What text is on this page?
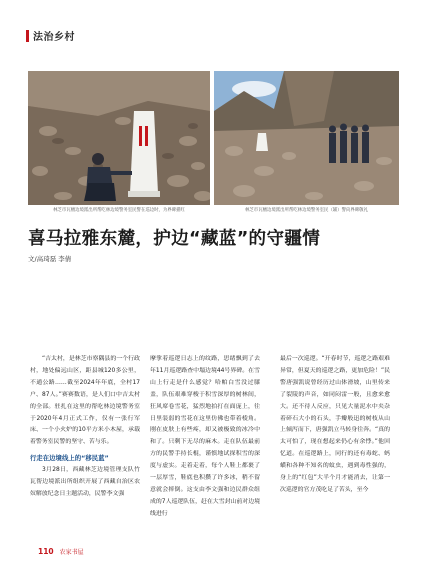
法治乡村
林芝市瓦檀边境派出所帮吃林边境警务室民警在巡边时，为界碑描红	林芝市瓦檀边境派出所帮吃林边境警务室民（辅）警向界碑敬礼
喜马拉雅东麓，护边“藏蓝”的守疆情
文/高琦磊 李倩

“吉太村，是林芝市察隅县的一个行政村，地处偏远山区，距县城120多公里，不通公路……截至2024年年底，全村17户、87人。”赛赛数语，是人们口中吉太村的全部。驻扎在这里的帮吃林边境警务室于2020年4月正式工作，仅有一张行军床、一个小火炉的10平方米小木屋，承载着警务室民警的坚守、苦与乐。

行走在边境线上的“移民蓝”

3月28日，西藏林芝边境管理支队竹瓦帮边境派出所组织开展了西藏自治区农奴解放纪念日主题活动，民警李文强

摩挲着巡逻日志上的纹路，思绪飘到了去年11月巡逻路查中塌边境44号界碑。在雪山上行走是什么感觉？哈帕白雪没过膝盖，队伍艰难穿梭于积雪深厚的树林间，狂风席卷雪花，猛烈地拍打在面庞上，往日里装弱的雪花在这里仿佛也带着棱角。刚在皮肤上有些疼，却又被极致的冰冷中和了。只剩下无尽的麻木。走在队伍最前方的民警手持长棍，谨慎地试探积雪的深度与虚实。走着走着，每个人鞋上都裹了一层厚雪，鞋底也积攒了许多冰，稍不留意就会摔倒。这支由李文强和边民群众组成的7人巡逻队伍，赶在大雪封山前对边境线进行

最后一次巡逻。“开春时节，巡逻之路艰难异常，但夏天的巡逻之路，更加危险！”民警唐强凯说曾经历过山体滑坡，山里传来了裂陵的声音，如同闷雷一般，且愈来愈大。还不待人反应，只见大量泥水中夹杂着碎石大小的石头，手瓣般迅的树枝从山上倾泻而下，唐强凯立马转身往奔。“真的太可怕了，现在想起来仍心有余悸。”他回忆道。在巡逻路上，同行的还有毒蛇、蚂蟥和各种不知名的蚊虫，遇到毒性强的，身上的“红包”大半个月才能消去，让第一次巡逻的官方茂吃足了苦头，至今

110 农家书屋
